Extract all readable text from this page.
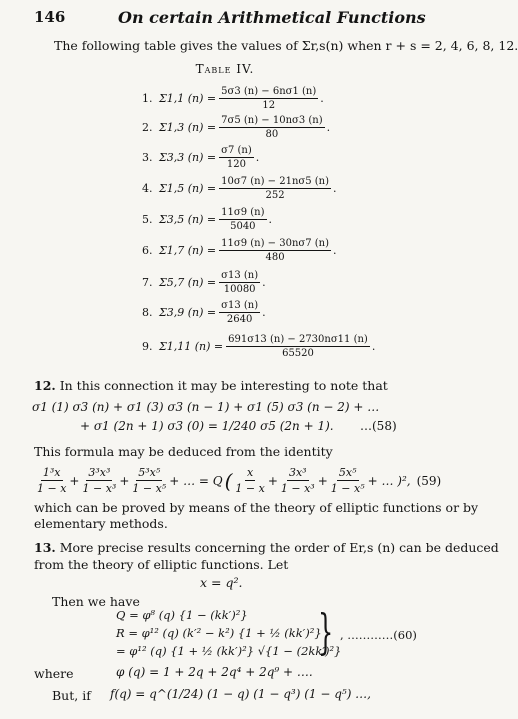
146	On certain Arithmetical Functions
The following table gives the values of Σr,s(n) when r + s = 2, 4, 6, 8, 12.
Table IV.
1. Σ1,1 $(n) = \frac{5\sigma 3 (n) - 6n\sigma 1 (n)}{12}$ .
2. Σ1,3 $(n) = \frac{7\sigma 5 (n) - 10n\sigma 3 (n)}{80}$ .
3. Σ3,3 $(n) = \frac{\sigma 7 (n)}{120}$ .
4. Σ1,5 $(n) = \frac{10\sigma 7 (n) - 21n\sigma 5 (n)}{252}$ .
5. Σ3,5 $(n) = \frac{11\sigma 9 (n)}{5040}$ .
6. Σ1,7 $(n) = \frac{11\sigma 9 (n) - 30n\sigma 7 (n)}{480}$ .
7. Σ5,7 $(n) = \frac{\sigma 13 (n)}{10080}$ .
8. Σ3,9 $(n) = \frac{\sigma 13 (n)}{2640}$ .
9. Σ1,11 $(n) = \frac{691\sigma 13 (n) - 2730n\sigma 11 (n)}{65520}$ .
12. In this connection it may be interesting to note that
σ1 (1) σ3 (n) + σ1 (3) σ3 (n − 1) + σ1 (5) σ3 (n − 2) + …
+ σ1 (2n + 1) σ3 (0) = 1/240 σ5 (2n + 1). …(58)
This formula may be deduced from the identity
$\frac{\text{1³x}}{1 - x} + \frac{\text{3³x³}}{\text{1 − x³}} + \frac{\text{5³x⁵}}{\text{1 − x⁵}}$ + … = Q ( $\frac{x}{1 - x} + \frac{\text{3x³}}{\text{1 − x³}} + \frac{\text{5x⁵}}{\text{1 − x⁵}}$ + … )², (59)
which can be proved by means of the theory of elliptic functions or by
elementary methods.
13. More precise results concerning the order of Er,s (n) can be deduced
from the theory of elliptic functions. Let
x = q².
Then we have
Q = φ⁸ (q) {1 − (kk′)²}
R = φ¹² (q) (k′² − k²) {1 + ½ (kk′)²}
= φ¹² (q) {1 + ½ (kk′)²} √{1 − (2kk′)²}
} , …………(60)
where	φ (q) = 1 + 2q + 2q⁴ + 2q⁹ + ….
But, if f(q) = q^(1/24) (1 − q) (1 − q³) (1 − q⁵) …,
